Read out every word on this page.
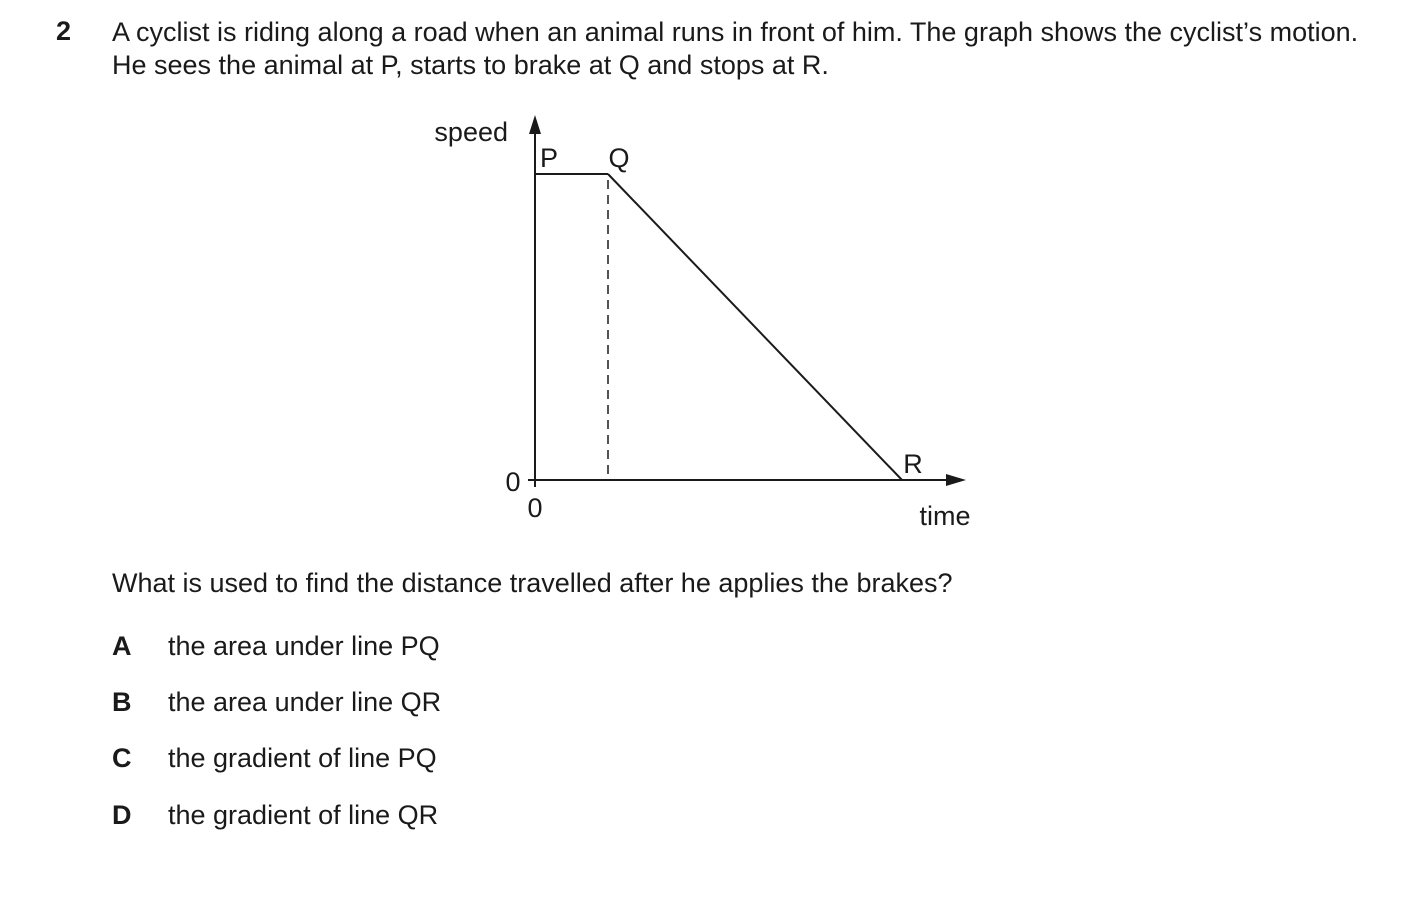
2 A cyclist is riding along a road when an animal runs in front of him. The graph shows the cyclist’s motion. He sees the animal at P, starts to brake at Q and stops at R.
speed
time
0
0
P Q
R
What is used to find the distance travelled after he applies the brakes?
A	the area under line PQ
B	the area under line QR
C	the gradient of line PQ
D	the gradient of line QR
